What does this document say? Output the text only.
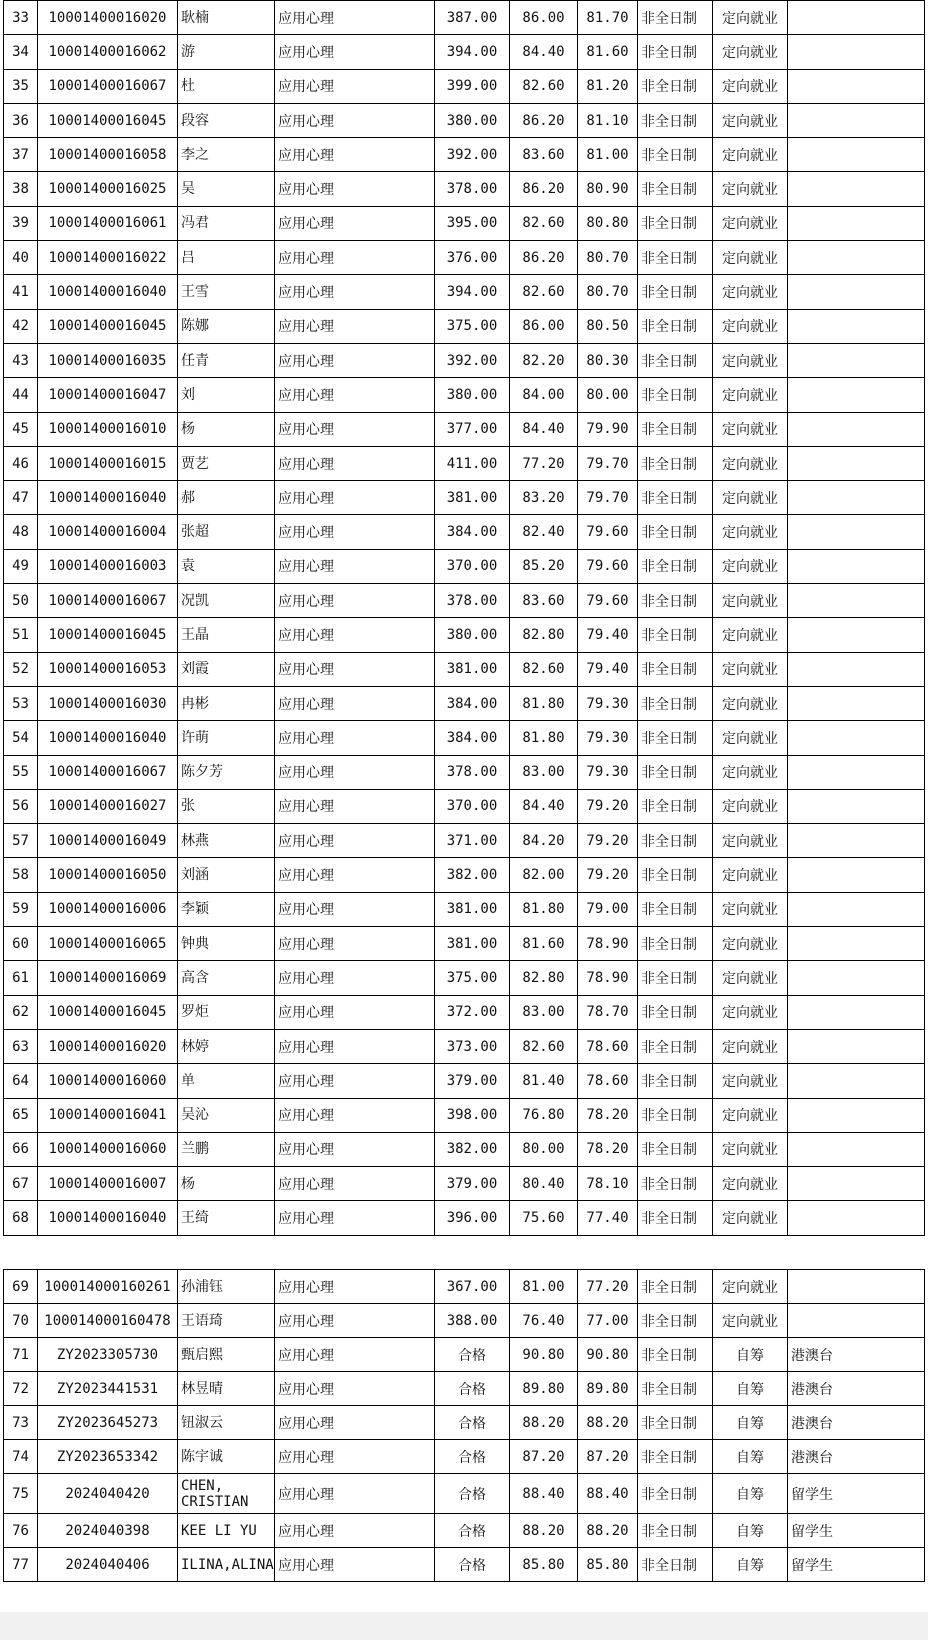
33	10001400016020	耿楠	应用心理	387.00	86.00	81.70	非全日制	定向就业	
34	10001400016062	游	应用心理	394.00	84.40	81.60	非全日制	定向就业	
35	10001400016067	杜	应用心理	399.00	82.60	81.20	非全日制	定向就业	
36	10001400016045	段容	应用心理	380.00	86.20	81.10	非全日制	定向就业	
37	10001400016058	李之	应用心理	392.00	83.60	81.00	非全日制	定向就业	
38	10001400016025	吴	应用心理	378.00	86.20	80.90	非全日制	定向就业	
39	10001400016061	冯君	应用心理	395.00	82.60	80.80	非全日制	定向就业	
40	10001400016022	吕	应用心理	376.00	86.20	80.70	非全日制	定向就业	
41	10001400016040	王雪	应用心理	394.00	82.60	80.70	非全日制	定向就业	
42	10001400016045	陈娜	应用心理	375.00	86.00	80.50	非全日制	定向就业	
43	10001400016035	任青	应用心理	392.00	82.20	80.30	非全日制	定向就业	
44	10001400016047	刘	应用心理	380.00	84.00	80.00	非全日制	定向就业	
45	10001400016010	杨	应用心理	377.00	84.40	79.90	非全日制	定向就业	
46	10001400016015	贾艺	应用心理	411.00	77.20	79.70	非全日制	定向就业	
47	10001400016040	郝	应用心理	381.00	83.20	79.70	非全日制	定向就业	
48	10001400016004	张超	应用心理	384.00	82.40	79.60	非全日制	定向就业	
49	10001400016003	袁	应用心理	370.00	85.20	79.60	非全日制	定向就业	
50	10001400016067	况凯	应用心理	378.00	83.60	79.60	非全日制	定向就业	
51	10001400016045	王晶	应用心理	380.00	82.80	79.40	非全日制	定向就业	
52	10001400016053	刘霞	应用心理	381.00	82.60	79.40	非全日制	定向就业	
53	10001400016030	冉彬	应用心理	384.00	81.80	79.30	非全日制	定向就业	
54	10001400016040	许萌	应用心理	384.00	81.80	79.30	非全日制	定向就业	
55	10001400016067	陈夕芳	应用心理	378.00	83.00	79.30	非全日制	定向就业	
56	10001400016027	张	应用心理	370.00	84.40	79.20	非全日制	定向就业	
57	10001400016049	林燕	应用心理	371.00	84.20	79.20	非全日制	定向就业	
58	10001400016050	刘涵	应用心理	382.00	82.00	79.20	非全日制	定向就业	
59	10001400016006	李颖	应用心理	381.00	81.80	79.00	非全日制	定向就业	
60	10001400016065	钟典	应用心理	381.00	81.60	78.90	非全日制	定向就业	
61	10001400016069	高含	应用心理	375.00	82.80	78.90	非全日制	定向就业	
62	10001400016045	罗炬	应用心理	372.00	83.00	78.70	非全日制	定向就业	
63	10001400016020	林婷	应用心理	373.00	82.60	78.60	非全日制	定向就业	
64	10001400016060	单	应用心理	379.00	81.40	78.60	非全日制	定向就业	
65	10001400016041	吴沁	应用心理	398.00	76.80	78.20	非全日制	定向就业	
66	10001400016060	兰鹏	应用心理	382.00	80.00	78.20	非全日制	定向就业	
67	10001400016007	杨	应用心理	379.00	80.40	78.10	非全日制	定向就业	
68	10001400016040	王绮	应用心理	396.00	75.60	77.40	非全日制	定向就业	
69	100014000160261	孙浦钰	应用心理	367.00	81.00	77.20	非全日制	定向就业	
70	100014000160478	王语琦	应用心理	388.00	76.40	77.00	非全日制	定向就业	
71	ZY2023305730	甄启熙	应用心理	合格	90.80	90.80	非全日制	自筹	港澳台
72	ZY2023441531	林昱晴	应用心理	合格	89.80	89.80	非全日制	自筹	港澳台
73	ZY2023645273	钮淑云	应用心理	合格	88.20	88.20	非全日制	自筹	港澳台
74	ZY2023653342	陈宇诚	应用心理	合格	87.20	87.20	非全日制	自筹	港澳台
75	2024040420	CHEN, CRISTIAN	应用心理	合格	88.40	88.40	非全日制	自筹	留学生
76	2024040398	KEE LI YU	应用心理	合格	88.20	88.20	非全日制	自筹	留学生
77	2024040406	ILINA,ALINA	应用心理	合格	85.80	85.80	非全日制	自筹	留学生
